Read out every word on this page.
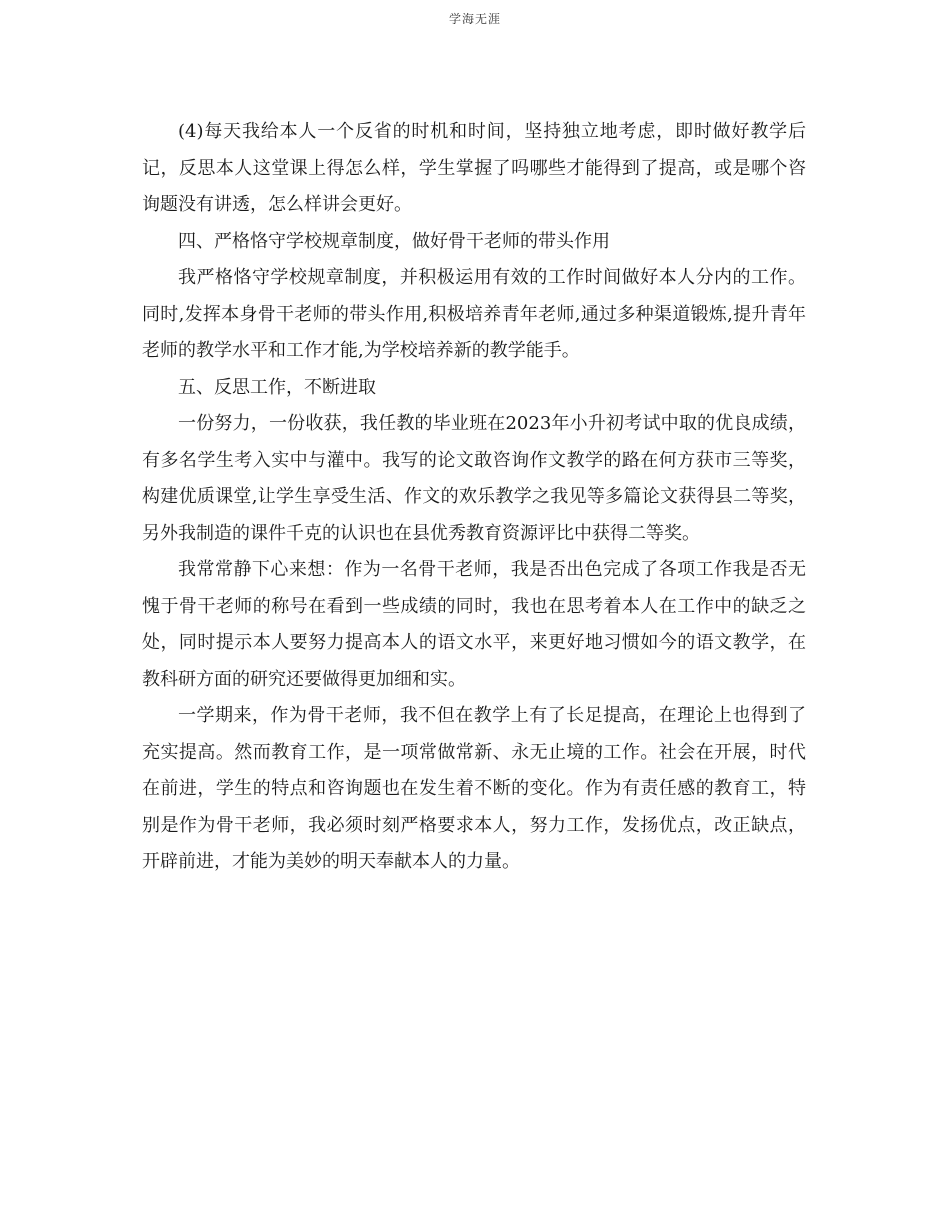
学海无涯

(4)每天我给本人一个反省的时机和时间，坚持独立地考虑，即时做好教学后记，反思本人这堂课上得怎么样，学生掌握了吗哪些才能得到了提高，或是哪个咨询题没有讲透，怎么样讲会更好。

四、严格恪守学校规章制度，做好骨干老师的带头作用

我严格恪守学校规章制度，并积极运用有效的工作时间做好本人分内的工作。同时,发挥本身骨干老师的带头作用,积极培养青年老师,通过多种渠道锻炼,提升青年老师的教学水平和工作才能,为学校培养新的教学能手。

五、反思工作，不断进取

一份努力，一份收获，我任教的毕业班在2023年小升初考试中取的优良成绩，有多名学生考入实中与灌中。我写的论文敢咨询作文教学的路在何方获市三等奖，构建优质课堂,让学生享受生活、作文的欢乐教学之我见等多篇论文获得县二等奖，另外我制造的课件千克的认识也在县优秀教育资源评比中获得二等奖。

我常常静下心来想：作为一名骨干老师，我是否出色完成了各项工作我是否无愧于骨干老师的称号在看到一些成绩的同时，我也在思考着本人在工作中的缺乏之处，同时提示本人要努力提高本人的语文水平，来更好地习惯如今的语文教学，在教科研方面的研究还要做得更加细和实。

一学期来，作为骨干老师，我不但在教学上有了长足提高，在理论上也得到了充实提高。然而教育工作，是一项常做常新、永无止境的工作。社会在开展，时代在前进，学生的特点和咨询题也在发生着不断的变化。作为有责任感的教育工，特别是作为骨干老师，我必须时刻严格要求本人，努力工作，发扬优点，改正缺点，开辟前进，才能为美妙的明天奉献本人的力量。
